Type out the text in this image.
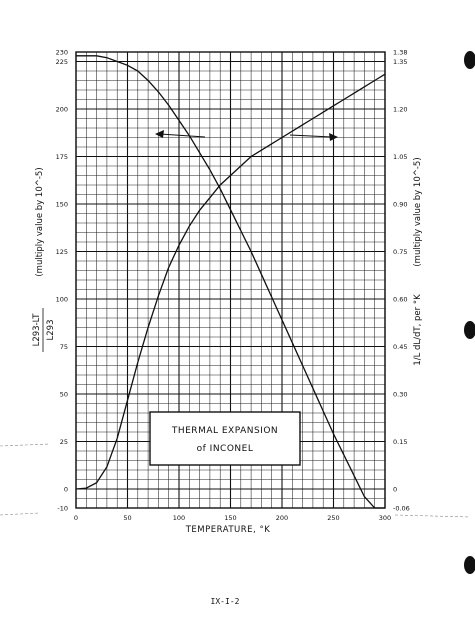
0	50	100	150	200	250	300
230
225
200
175
150
125
100
75
50
25
0
-10
1.38
1.35
1.20
1.05
0.90
0.75
0.60
0.45
0.30
0.15
0
-0.06
THERMAL EXPANSION
of INCONEL
L293-LT L293
(multiply value by 10^-5)
1/L dL/dT, per °K
(multiply value by 10^-5)
TEMPERATURE, °K
IX-I-2
